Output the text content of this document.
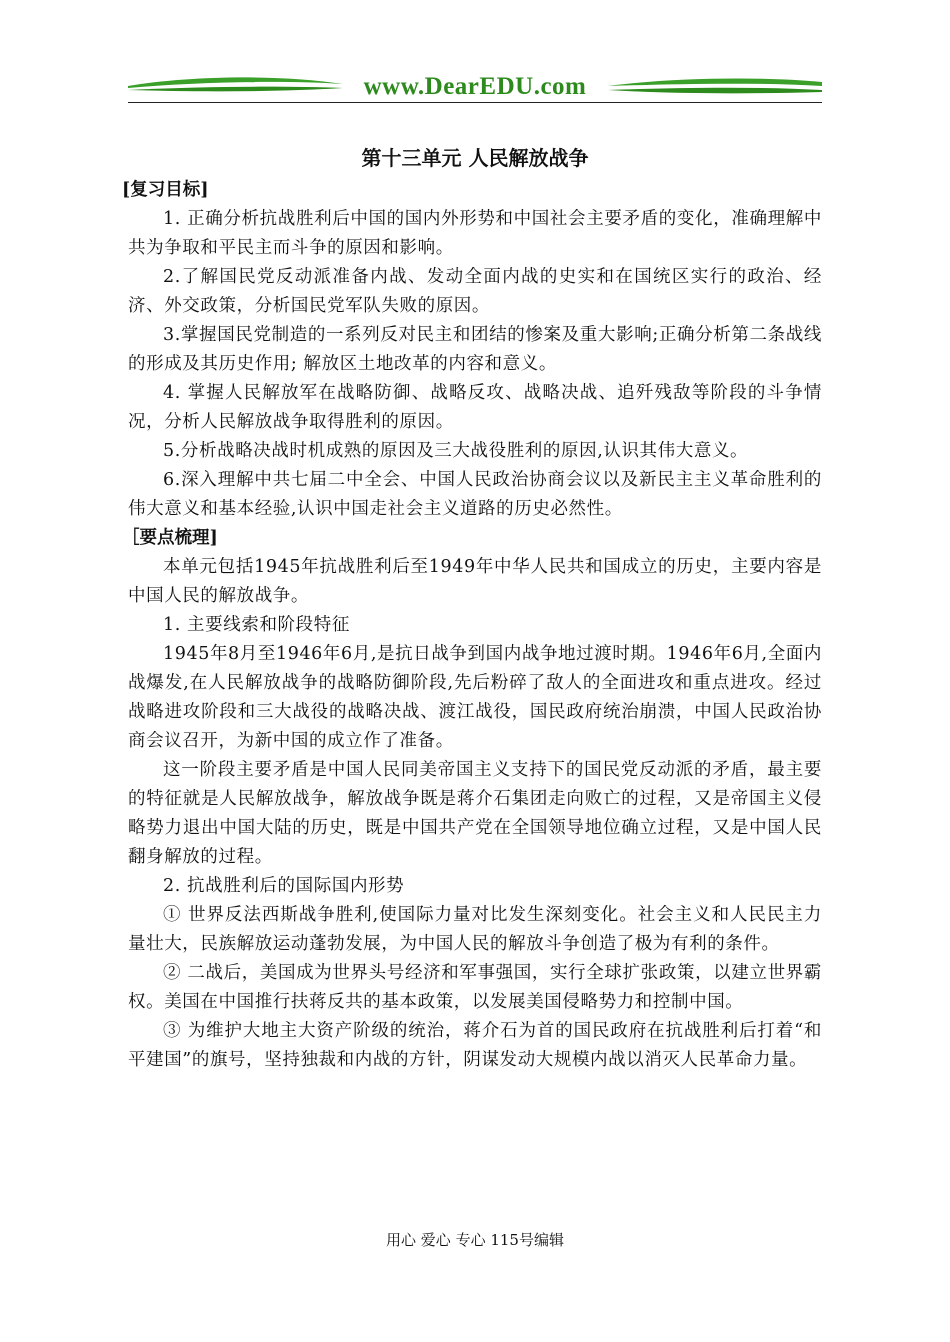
www.DearEDU.com
第十三单元 人民解放战争
[复习目标]

1. 正确分析抗战胜利后中国的国内外形势和中国社会主要矛盾的变化，准确理解中共为争取和平民主而斗争的原因和影响。

2.了解国民党反动派准备内战、发动全面内战的史实和在国统区实行的政治、经济、外交政策，分析国民党军队失败的原因。

3.掌握国民党制造的一系列反对民主和团结的惨案及重大影响;正确分析第二条战线的形成及其历史作用; 解放区土地改革的内容和意义。

4. 掌握人民解放军在战略防御、战略反攻、战略决战、追歼残敌等阶段的斗争情况，分析人民解放战争取得胜利的原因。

5.分析战略决战时机成熟的原因及三大战役胜利的原因,认识其伟大意义。

6.深入理解中共七届二中全会、中国人民政治协商会议以及新民主主义革命胜利的伟大意义和基本经验,认识中国走社会主义道路的历史必然性。

［要点梳理]

本单元包括1945年抗战胜利后至1949年中华人民共和国成立的历史，主要内容是中国人民的解放战争。

1. 主要线索和阶段特征

1945年8月至1946年6月,是抗日战争到国内战争地过渡时期。1946年6月,全面内战爆发,在人民解放战争的战略防御阶段,先后粉碎了敌人的全面进攻和重点进攻。经过战略进攻阶段和三大战役的战略决战、渡江战役，国民政府统治崩溃，中国人民政治协商会议召开，为新中国的成立作了准备。

这一阶段主要矛盾是中国人民同美帝国主义支持下的国民党反动派的矛盾，最主要的特征就是人民解放战争，解放战争既是蒋介石集团走向败亡的过程，又是帝国主义侵略势力退出中国大陆的历史，既是中国共产党在全国领导地位确立过程，又是中国人民翻身解放的过程。

2. 抗战胜利后的国际国内形势

① 世界反法西斯战争胜利,使国际力量对比发生深刻变化。社会主义和人民民主力量壮大，民族解放运动蓬勃发展，为中国人民的解放斗争创造了极为有利的条件。

② 二战后，美国成为世界头号经济和军事强国，实行全球扩张政策，以建立世界霸权。美国在中国推行扶蒋反共的基本政策，以发展美国侵略势力和控制中国。

③ 为维护大地主大资产阶级的统治，蒋介石为首的国民政府在抗战胜利后打着“和平建国”的旗号，坚持独裁和内战的方针，阴谋发动大规模内战以消灭人民革命力量。

用心 爱心 专心 115号编辑
